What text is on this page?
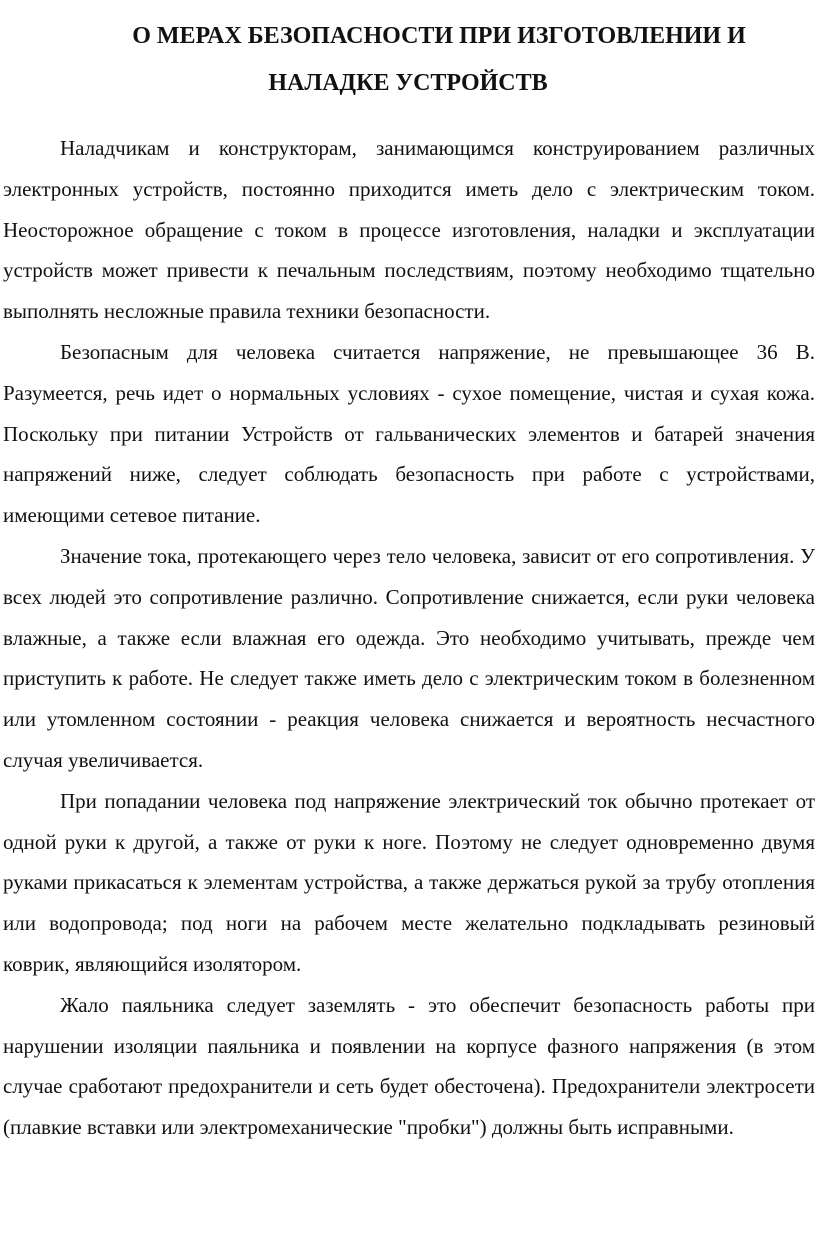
О МЕРАХ БЕЗОПАСНОСТИ ПРИ ИЗГОТОВЛЕНИИ И
НАЛАДКЕ УСТРОЙСТВ

Наладчикам и конструкторам, занимающимся конструированием различных электронных устройств, постоянно приходится иметь дело с электрическим током. Неосторожное обращение с током в процессе изготовления, наладки и эксплуатации устройств может привести к печальным последствиям, поэтому необходимо тщательно выполнять несложные правила техники безопасности.

Безопасным для человека считается напряжение, не превышающее 36 В. Разумеется, речь идет о нормальных условиях - сухое помещение, чистая и сухая кожа. Поскольку при питании Устройств от гальванических элементов и батарей значения напряжений ниже, следует соблюдать безопасность при работе с устройствами, имеющими сетевое питание.

Значение тока, протекающего через тело человека, зависит от его сопротивления. У всех людей это сопротивление различно. Сопротивление снижается, если руки человека влажные, а также если влажная его одежда. Это необходимо учитывать, прежде чем приступить к работе. Не следует также иметь дело с электрическим током в болезненном или утомленном состоянии - реакция человека снижается и вероятность несчастного случая увеличивается.

При попадании человека под напряжение электрический ток обычно протекает от одной руки к другой, а также от руки к ноге. Поэтому не следует одновременно двумя руками прикасаться к элементам устройства, а также держаться рукой за трубу отопления или водопровода; под ноги на рабочем месте желательно подкладывать резиновый коврик, являющийся изолятором.

Жало паяльника следует заземлять - это обеспечит безопасность работы при нарушении изоляции паяльника и появлении на корпусе фазного напряжения (в этом случае сработают предохранители и сеть будет обесточена). Предохранители электросети (плавкие вставки или электромеханические "пробки") должны быть исправными.
